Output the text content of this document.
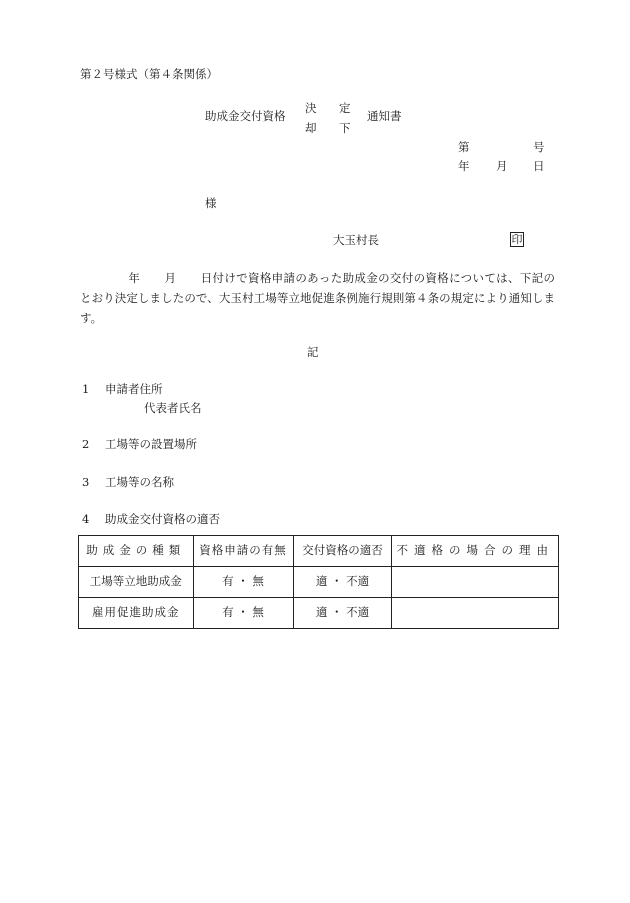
第２号様式（第４条関係）
助成金交付資格
決 定
却 下
通知書
第	号
年 月 日
様
大玉村長	印
年 月 日付けで資格申請のあった助成金の交付の資格については、下記のとおり決定しましたので、大玉村工場等立地促進条例施行規則第４条の規定により通知します。
記
1 申請者住所
代表者氏名
2 工場等の設置場所
3 工場等の名称
4 助成金交付資格の適否
助成金の種類	資格申請の有無	交付資格の適否	不適格の場合の理由
工場等立地助成金	有 ・ 無	適 ・ 不適	
雇用促進助成金	有 ・ 無	適 ・ 不適	
